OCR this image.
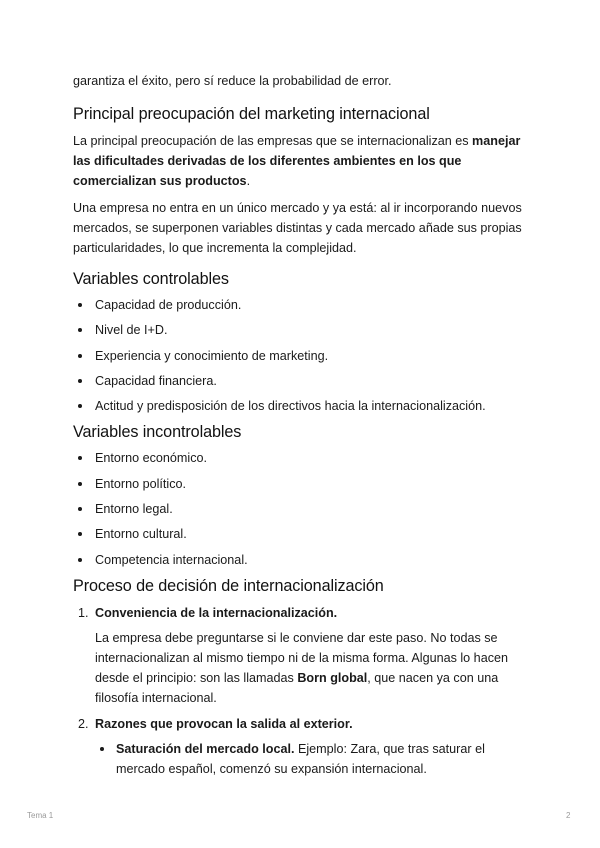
garantiza el éxito, pero sí reduce la probabilidad de error.

Principal preocupación del marketing internacional

La principal preocupación de las empresas que se internacionalizan es manejar las dificultades derivadas de los diferentes ambientes en los que comercializan sus productos.

Una empresa no entra en un único mercado y ya está: al ir incorporando nuevos mercados, se superponen variables distintas y cada mercado añade sus propias particularidades, lo que incrementa la complejidad.

Variables controlables
Capacidad de producción.
Nivel de I+D.
Experiencia y conocimiento de marketing.
Capacidad financiera.
Actitud y predisposición de los directivos hacia la internacionalización.
Variables incontrolables
Entorno económico.
Entorno político.
Entorno legal.
Entorno cultural.
Competencia internacional.
Proceso de decisión de internacionalización
1. Conveniencia de la internacionalización.

La empresa debe preguntarse si le conviene dar este paso. No todas se internacionalizan al mismo tiempo ni de la misma forma. Algunas lo hacen desde el principio: son las llamadas Born global, que nacen ya con una filosofía internacional.

2. Razones que provocan la salida al exterior.
Saturación del mercado local. Ejemplo: Zara, que tras saturar el mercado español, comenzó su expansión internacional.
Tema 1	2
